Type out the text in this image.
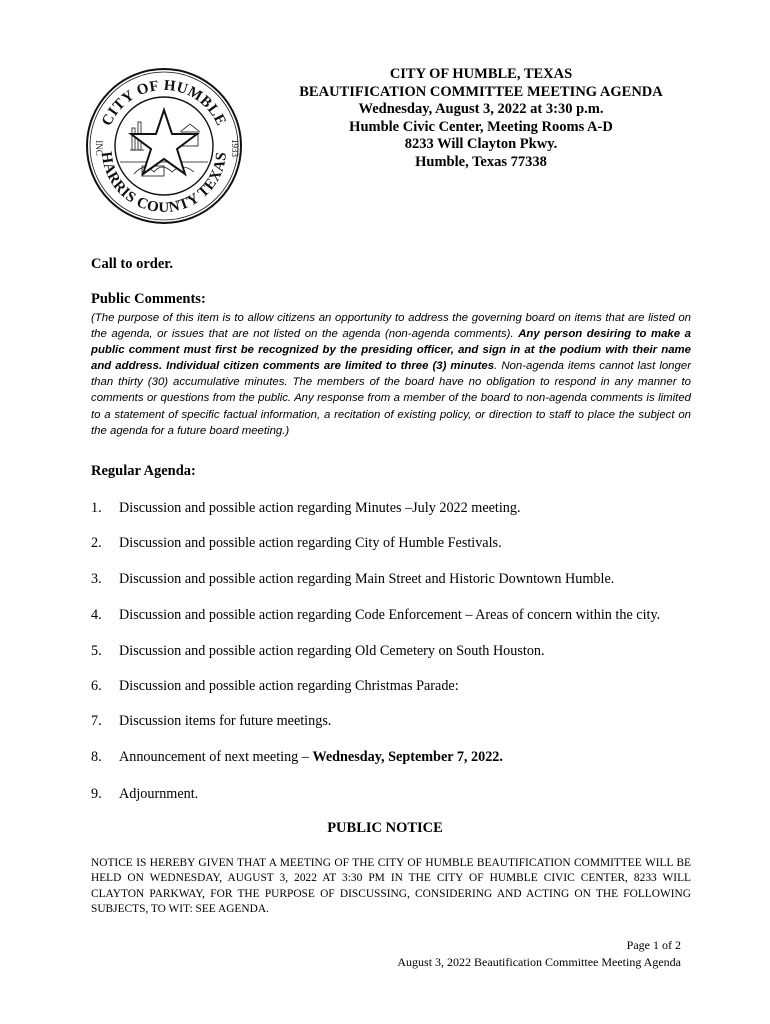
CITY OF HUMBLE
HARRIS COUNTY TEXAS
INC	1933
CITY OF HUMBLE, TEXAS
BEAUTIFICATION COMMITTEE MEETING AGENDA
Wednesday, August 3, 2022 at 3:30 p.m.
Humble Civic Center, Meeting Rooms A-D
8233 Will Clayton Pkwy.
Humble, Texas 77338
Call to order.
Public Comments:
(The purpose of this item is to allow citizens an opportunity to address the governing board on items that are listed on the agenda, or issues that are not listed on the agenda (non-agenda comments). Any person desiring to make a public comment must first be recognized by the presiding officer, and sign in at the podium with their name and address. Individual citizen comments are limited to three (3) minutes. Non-agenda items cannot last longer than thirty (30) accumulative minutes. The members of the board have no obligation to respond in any manner to comments or questions from the public. Any response from a member of the board to non-agenda comments is limited to a statement of specific factual information, a recitation of existing policy, or direction to staff to place the subject on the agenda for a future board meeting.)
Regular Agenda:
1. Discussion and possible action regarding Minutes –July 2022 meeting.
2. Discussion and possible action regarding City of Humble Festivals.
3. Discussion and possible action regarding Main Street and Historic Downtown Humble.
4. Discussion and possible action regarding Code Enforcement – Areas of concern within the city.
5. Discussion and possible action regarding Old Cemetery on South Houston.
6. Discussion and possible action regarding Christmas Parade:
7. Discussion items for future meetings.
8. Announcement of next meeting – Wednesday, September 7, 2022.
9. Adjournment.
PUBLIC NOTICE
NOTICE IS HEREBY GIVEN THAT A MEETING OF THE CITY OF HUMBLE BEAUTIFICATION COMMITTEE WILL BE HELD ON WEDNESDAY, AUGUST 3, 2022 AT 3:30 PM IN THE CITY OF HUMBLE CIVIC CENTER, 8233 WILL CLAYTON PARKWAY, FOR THE PURPOSE OF DISCUSSING, CONSIDERING AND ACTING ON THE FOLLOWING SUBJECTS, TO WIT: SEE AGENDA.
Page 1 of 2
August 3, 2022 Beautification Committee Meeting Agenda
